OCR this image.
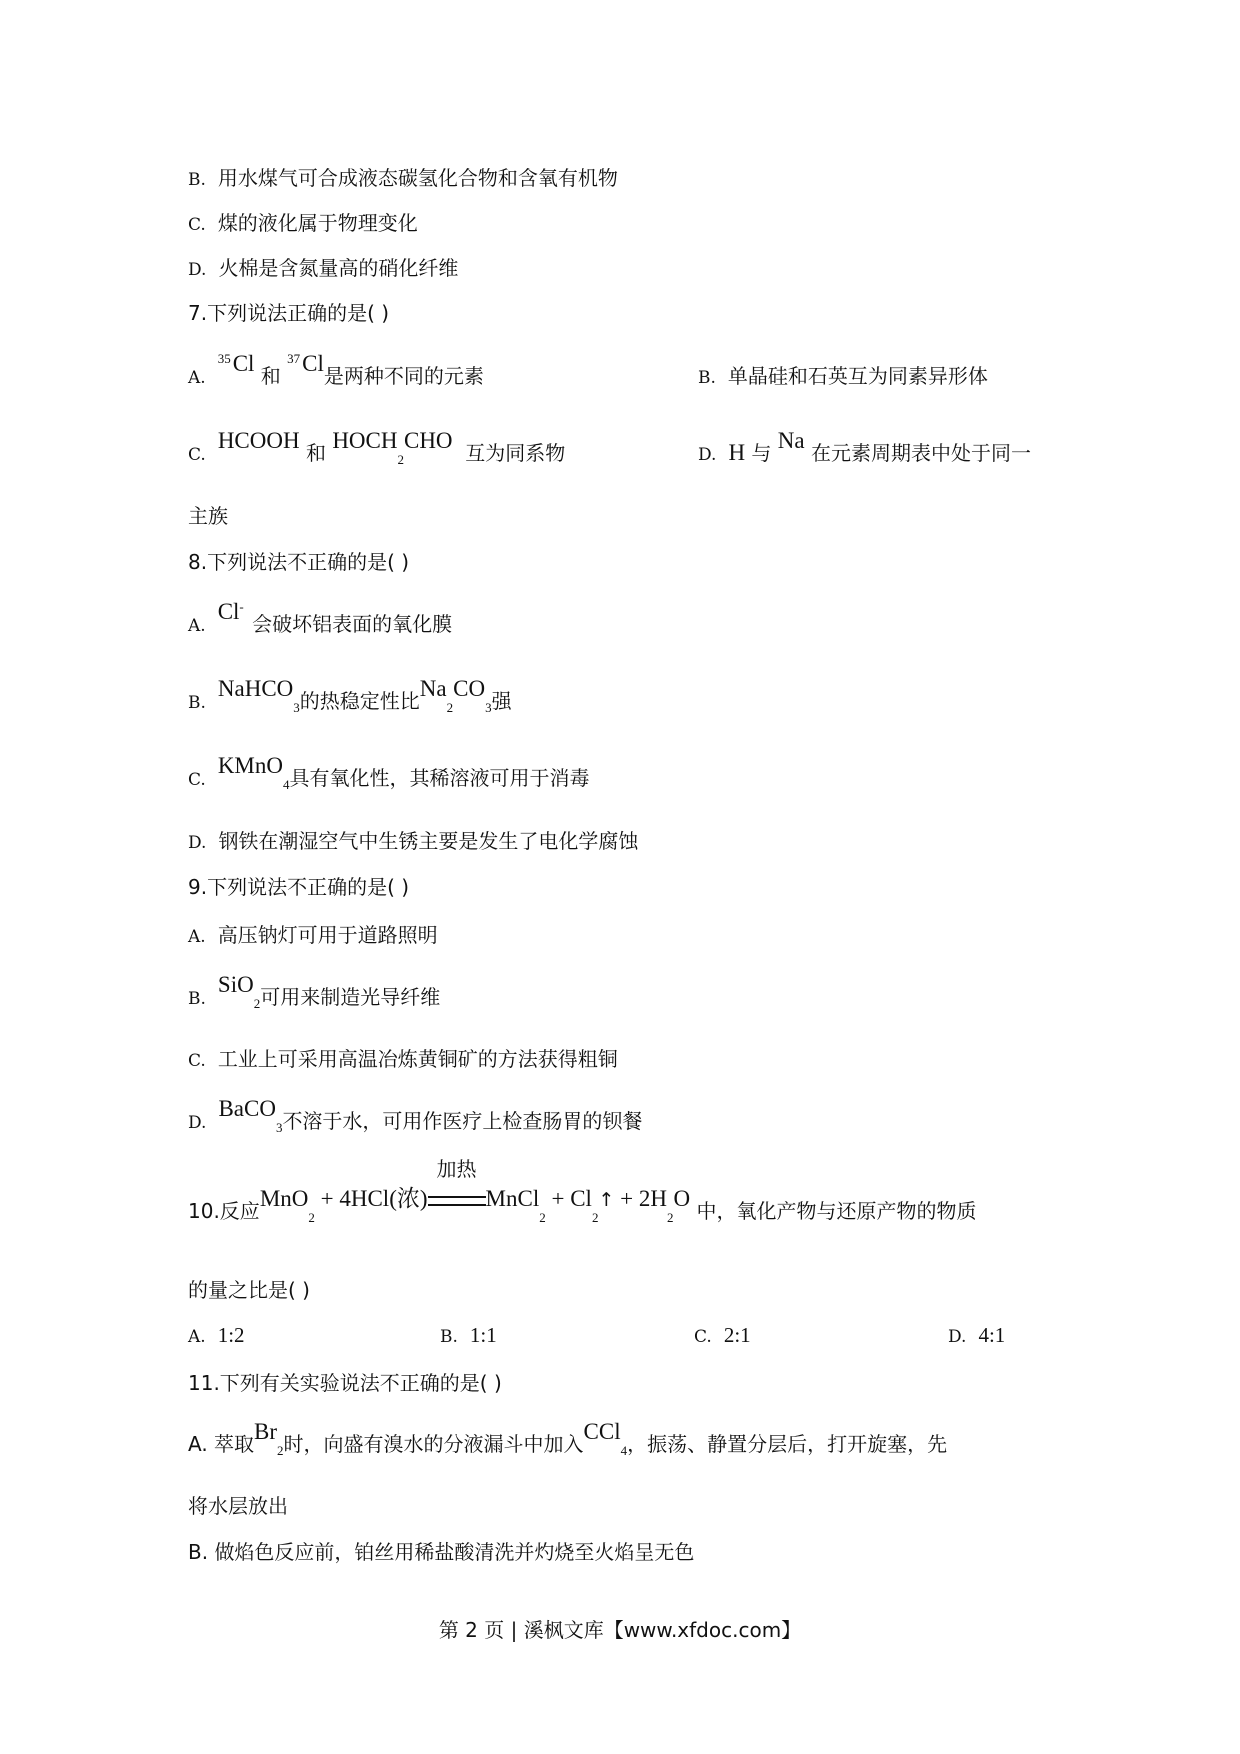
B. 用水煤气可合成液态碳氢化合物和含氧有机物
C. 煤的液化属于物理变化
D. 火棉是含氮量高的硝化纤维
7.下列说法正确的是( )
A.$^{35}$Cl 和 $^{37}$Cl是两种不同的元素	B. 单晶硅和石英互为同素异形体
C.HCOOH 和 $HOCH_2CHO$ 互为同系物	D. H 与 Na 在元素周期表中处于同一
主族
8.下列说法不正确的是( )
A.Cl- 会破坏铝表面的氧化膜
B.NaHCO$_3$的热稳定性比$Na_2CO_3$强
C.KMnO$_4$具有氧化性，其稀溶液可用于消毒
D. 钢铁在潮湿空气中生锈主要是发生了电化学腐蚀
9.下列说法不正确的是( )
A. 高压钠灯可用于道路照明
B.SiO$_2$可用来制造光导纤维
C. 工业上可采用高温冶炼黄铜矿的方法获得粗铜
D.BaCO$_3$不溶于水，可用作医疗上检查肠胃的钡餐
10.反应MnO$_2$ + 4HCl(浓)
加热
MnCl$_2$ + $Cl_2↑ + 2H_2O$ 中，氧化产物与还原产物的物质
的量之比是( )
A. 1:2	B. 1:1	C. 2:1	D. 4:1
11.下列有关实验说法不正确的是( )
A. 萃取$Br_2$时，向盛有溴水的分液漏斗中加入CCl$_4$，振荡、静置分层后，打开旋塞，先
将水层放出
B. 做焰色反应前，铂丝用稀盐酸清洗并灼烧至火焰呈无色
第 2 页 | 溪枫文库【www.xfdoc.com】
